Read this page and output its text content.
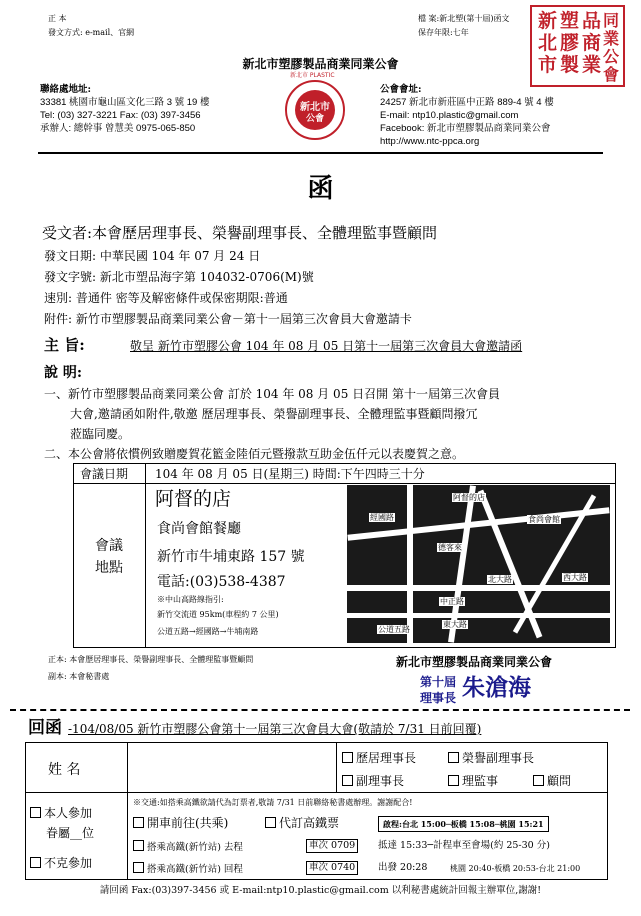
正 本
發文方式: e-mail、官網
檔 案:新北塑(第十屆)函文
保存年限:七年
新
北
市
塑
膠
製
品
商
業
同
業
公
會
新北市塑膠製品商業同業公會
聯絡處地址:
33381 桃園市龜山區文化三路 3 號 19 樓
Tel: (03) 327-3221 Fax: (03) 397-3456
承辦人: 總幹事 曾慧美 0975-065-850
新北市
公會
新北市 PLASTIC
公會會址:
24257 新北市新莊區中正路 889-4 號 4 樓
E-mail: ntp10.plastic@gmail.com
Facebook: 新北市塑膠製品商業同業公會
http://www.ntc-ppca.org
函
受文者:本會歷居理事長、榮譽副理事長、全體理監事暨顧問
發文日期: 中華民國 104 年 07 月 24 日
發文字號: 新北市塑品海字第 104032-0706(M)號
速別: 普通件 密等及解密條件或保密期限:普通
附件: 新竹市塑膠製品商業同業公會－第十一屆第三次會員大會邀請卡
主 旨:	敬呈 新竹市塑膠公會 104 年 08 月 05 日第十一屆第三次會員大會邀請函
說 明:
一、新竹市塑膠製品商業同業公會 訂於 104 年 08 月 05 日召開 第十一屆第三次會員
大會,邀請函如附件,敬邀 歷居理事長、榮譽副理事長、全體理監事暨顧問撥冗
蒞臨同慶。
二、本公會將依慣例致贈慶賀花籃金陸佰元暨撥款互助金伍仟元以表慶賀之意。
會議日期 104 年 08 月 05 日(星期三) 時間:下午四時三十分
會議
地點
阿督的店
食尚會館餐廳
新竹市牛埔東路 157 號
電話:(03)538-4387
※中山高路線指引:
新竹交流道 95km(車程約 7 公里)
公道五路→經國路→牛埔南路
阿督的店
經國路	食尚會館
德客來
中正路
北大路	西大路
東大路
公道五路
正本: 本會歷居理事長、榮譽副理事長、全體理監事暨顧問
副本: 本會秘書處
新北市塑膠製品商業同業公會
第十屆
理事長 朱滄海
回函 -104/08/05 新竹市塑膠公會第十一屆第三次會員大會(敬請於 7/31 日前回覆)
姓 名
歷居理事長	榮譽副理事長
副理事長	理監事	顧問
本人參加
眷屬__位
不克參加
※交通:如搭乘高鐵欲請代為訂票者,敬請 7/31 日前聯絡秘書處辦理。謝謝配合!
開車前往(共乘)	代訂高鐵票	啟程:台北 15:00─板橋 15:08─桃園 15:21
搭乘高鐵(新竹站) 去程	車次 0709	抵達 15:33─計程車至會場(約 25-30 分)
搭乘高鐵(新竹站) 回程	車次 0740	出發 20:28	桃園 20:40-板橋 20:53-台北 21:00
請回函 Fax:(03)397-3456 或 E-mail:ntp10.plastic@gmail.com 以利秘書處統計回報主辦單位,謝謝!
